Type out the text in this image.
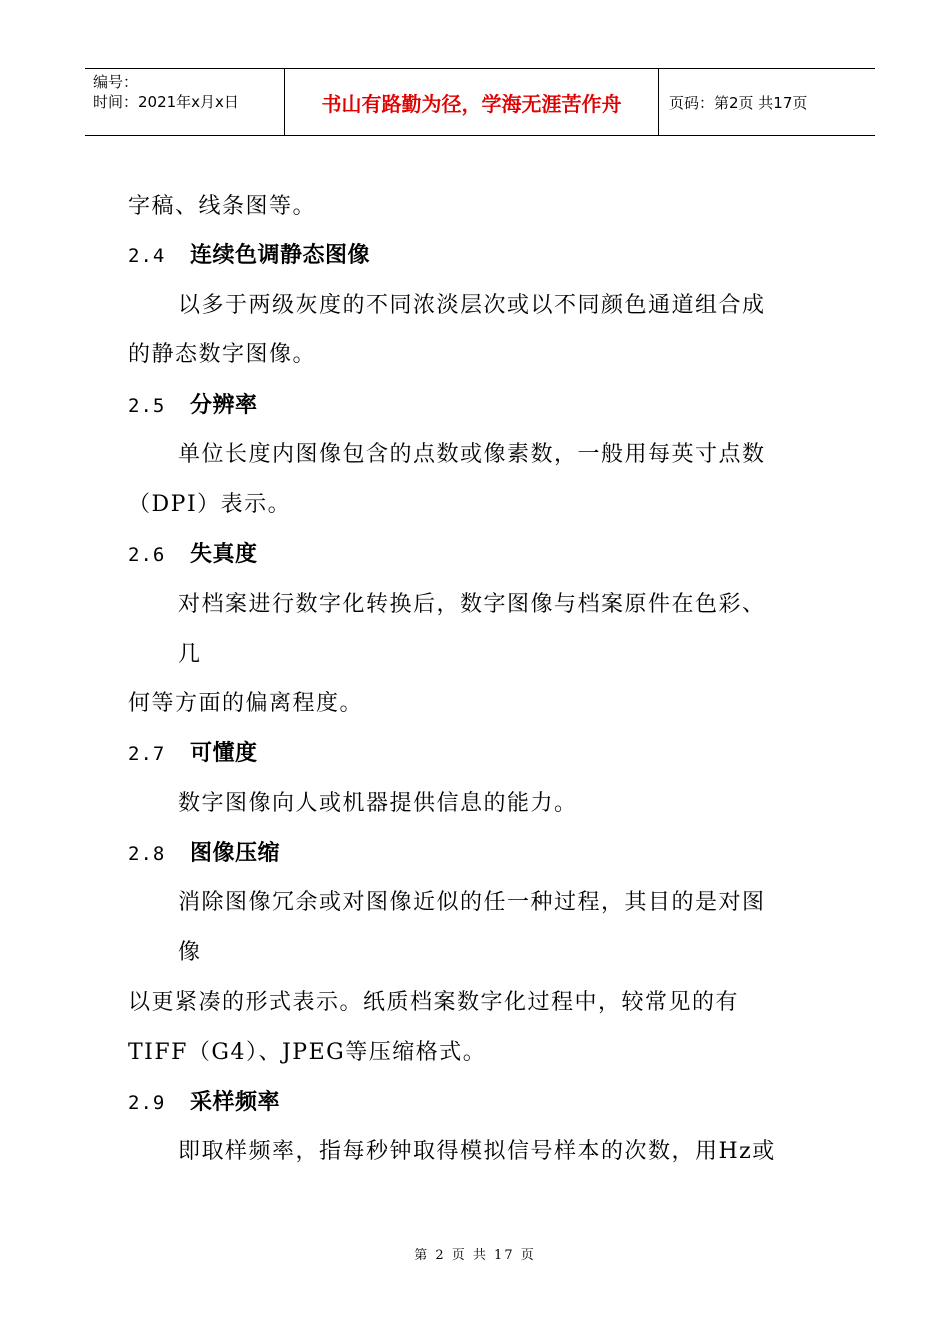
编号：
时间：2021年x月x日	书山有路勤为径，学海无涯苦作舟	页码：第2页 共17页
字稿、线条图等。
2.4 连续色调静态图像
以多于两级灰度的不同浓淡层次或以不同颜色通道组合成
的静态数字图像。
2.5 分辨率
单位长度内图像包含的点数或像素数，一般用每英寸点数
（DPI）表示。
2.6 失真度
对档案进行数字化转换后，数字图像与档案原件在色彩、
几
何等方面的偏离程度。
2.7 可懂度
数字图像向人或机器提供信息的能力。
2.8 图像压缩
消除图像冗余或对图像近似的任一种过程，其目的是对图
像
以更紧凑的形式表示。纸质档案数字化过程中，较常见的有
TIFF（G4）、JPEG等压缩格式。
2.9 采样频率
即取样频率，指每秒钟取得模拟信号样本的次数，用Hz或
第 2 页 共 17 页
